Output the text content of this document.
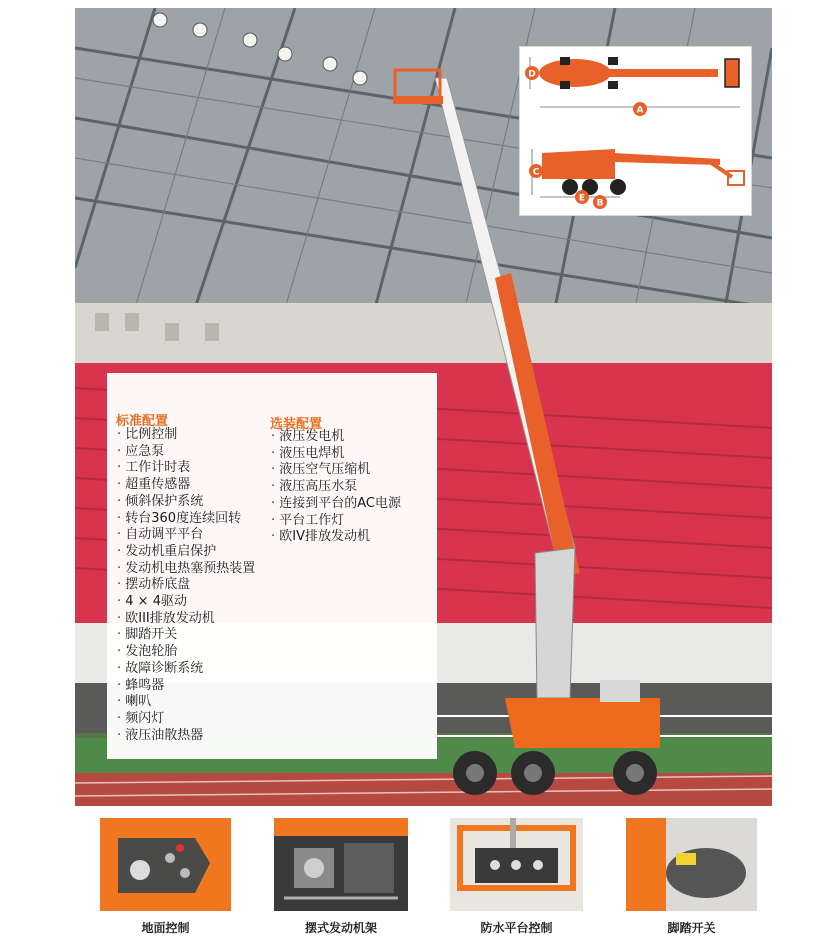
A
B
C
D
E
标准配置
· 比例控制
· 应急泵
· 工作计时表
· 超重传感器
· 倾斜保护系统
· 转台360度连续回转
· 自动调平平台
· 发动机重启保护
· 发动机电热塞预热装置
· 摆动桥底盘
· 4 × 4驱动
· 欧III排放发动机
· 脚踏开关
· 发泡轮胎
· 故障诊断系统
· 蜂鸣器
· 喇叭
· 频闪灯
· 液压油散热器
选装配置
· 液压发电机
· 液压电焊机
· 液压空气压缩机
· 液压高压水泵
· 连接到平台的AC电源
· 平台工作灯
· 欧IV排放发动机
地面控制	摆式发动机架	防水平台控制	脚踏开关
